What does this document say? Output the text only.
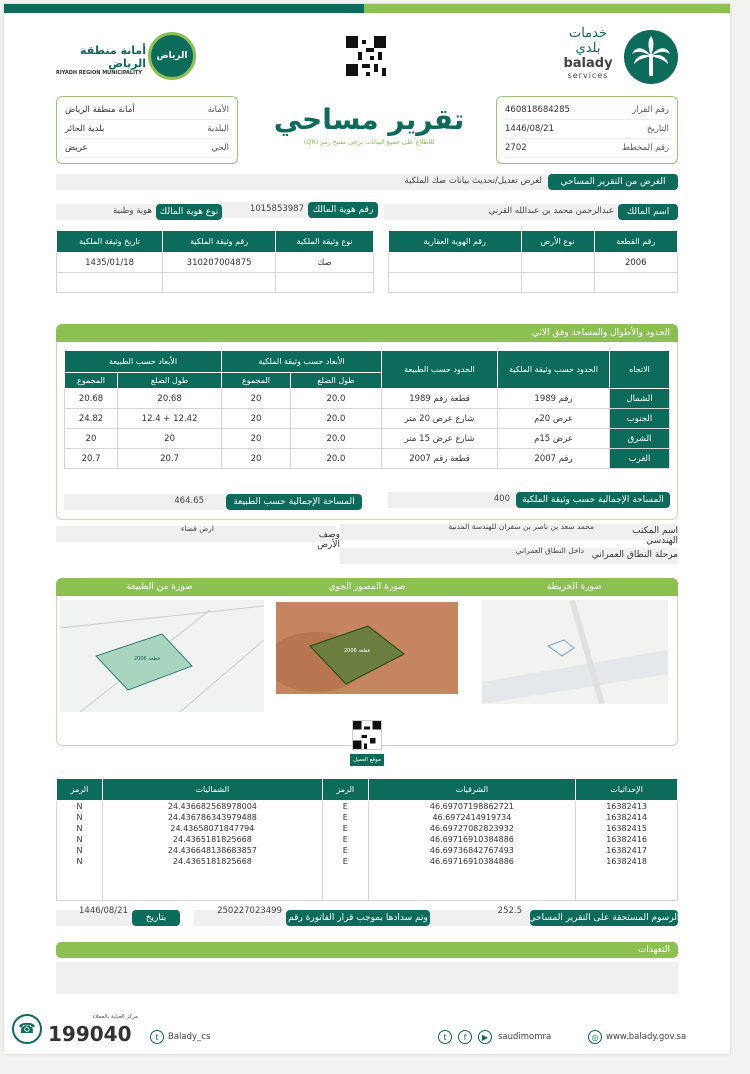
خدمات بلدي
balady
services
الرياض
أمانة منطقة الرياض
RIYADH REGION MUNICIPALITY
رقم القرار
460818684285
التاريخ
1446/08/21
رقم المخطط
2702
تقرير مساحي
للاطلاع على جميع البيانات يرجى مسح رمز (QR)
الأمانة
أمانة منطقة الرياض
البلدية
بلدية الحائر
الحي
عريض
الغرض من التقرير المساحي
لغرض تعديل/تحديث بيانات صك الملكية
اسم المالك
عبدالرحمن محمد بن عبدالله القرني
رقم هوية المالك
1015853987
نوع هوية المالك
هوية وطنية
رقم القطعة	نوع الأرض	رقم الهوية العقارية
2006		

نوع وثيقة الملكية	رقم وثيقة الملكية	تاريخ وثيقة الملكية
صك	310207004875	1435/01/18

الحدود والأطوال والمساحة وفق الاتي
الاتجاه	الحدود حسب وثيقة الملكية	الحدود حسب الطبيعة	الأبعاد حسب وثيقة الملكية		الأبعاد حسب الطبيعة	
			طول الضلع	المجموع	طول الضلع	المجموع
الشمال	رقم 1989	قطعة رقم 1989	20.0	20	20.68	20.68
الجنوب	عرض 20م	شارع عرض 20 متر	20.0	20	12.42 + 12.4	24.82
الشرق	عرض 15م	شارع عرض 15 متر	20.0	20	20	20
الغرب	رقم 2007	قطعة رقم 2007	20.0	20	20.7	20.7
المساحة الإجمالية حسب وثيقة الملكية
400
المساحة الإجمالية حسب الطبيعة
464.65
اسم المكتب الهندسي
محمد سعد بن ناصر بن سفران للهندسة المدنية
وصف الأرض
ارض فضاء
مرحلة النطاق العمراني
داخل النطاق العمراني
صورة من الطبيعة	صورة المصور الجوي	صورة الخريطة
قطعة 2006
قطعة 2006
موقع العميل
الإحداثيات	الشرقيات	الرمز	الشماليات	الرمز
16382413	46.69707198862721	E	24.436682568978004	N
16382414	46.6972414919734	E	24.436786343979488	N
16382415	46.69727082823932	E	24.43658071847794	N
16382416	46.69716910384886	E	24.4365181825668	N
16382417	46.69736842767493	E	24.436648138683857	N
16382418	46.69716910384886	E	24.4365181825668	N

الرسوم المستحقة على التقرير المساحي
252.5
وتم سدادها بموجب قرار الفاتورة رقم
250227023499
بتاريخ
1446/08/21
التعهدات
☎
مركز العناية بالعملاء
199040	t	Balady_cs	t	f	▶	saudimomra	◎ www.balady.gov.sa
